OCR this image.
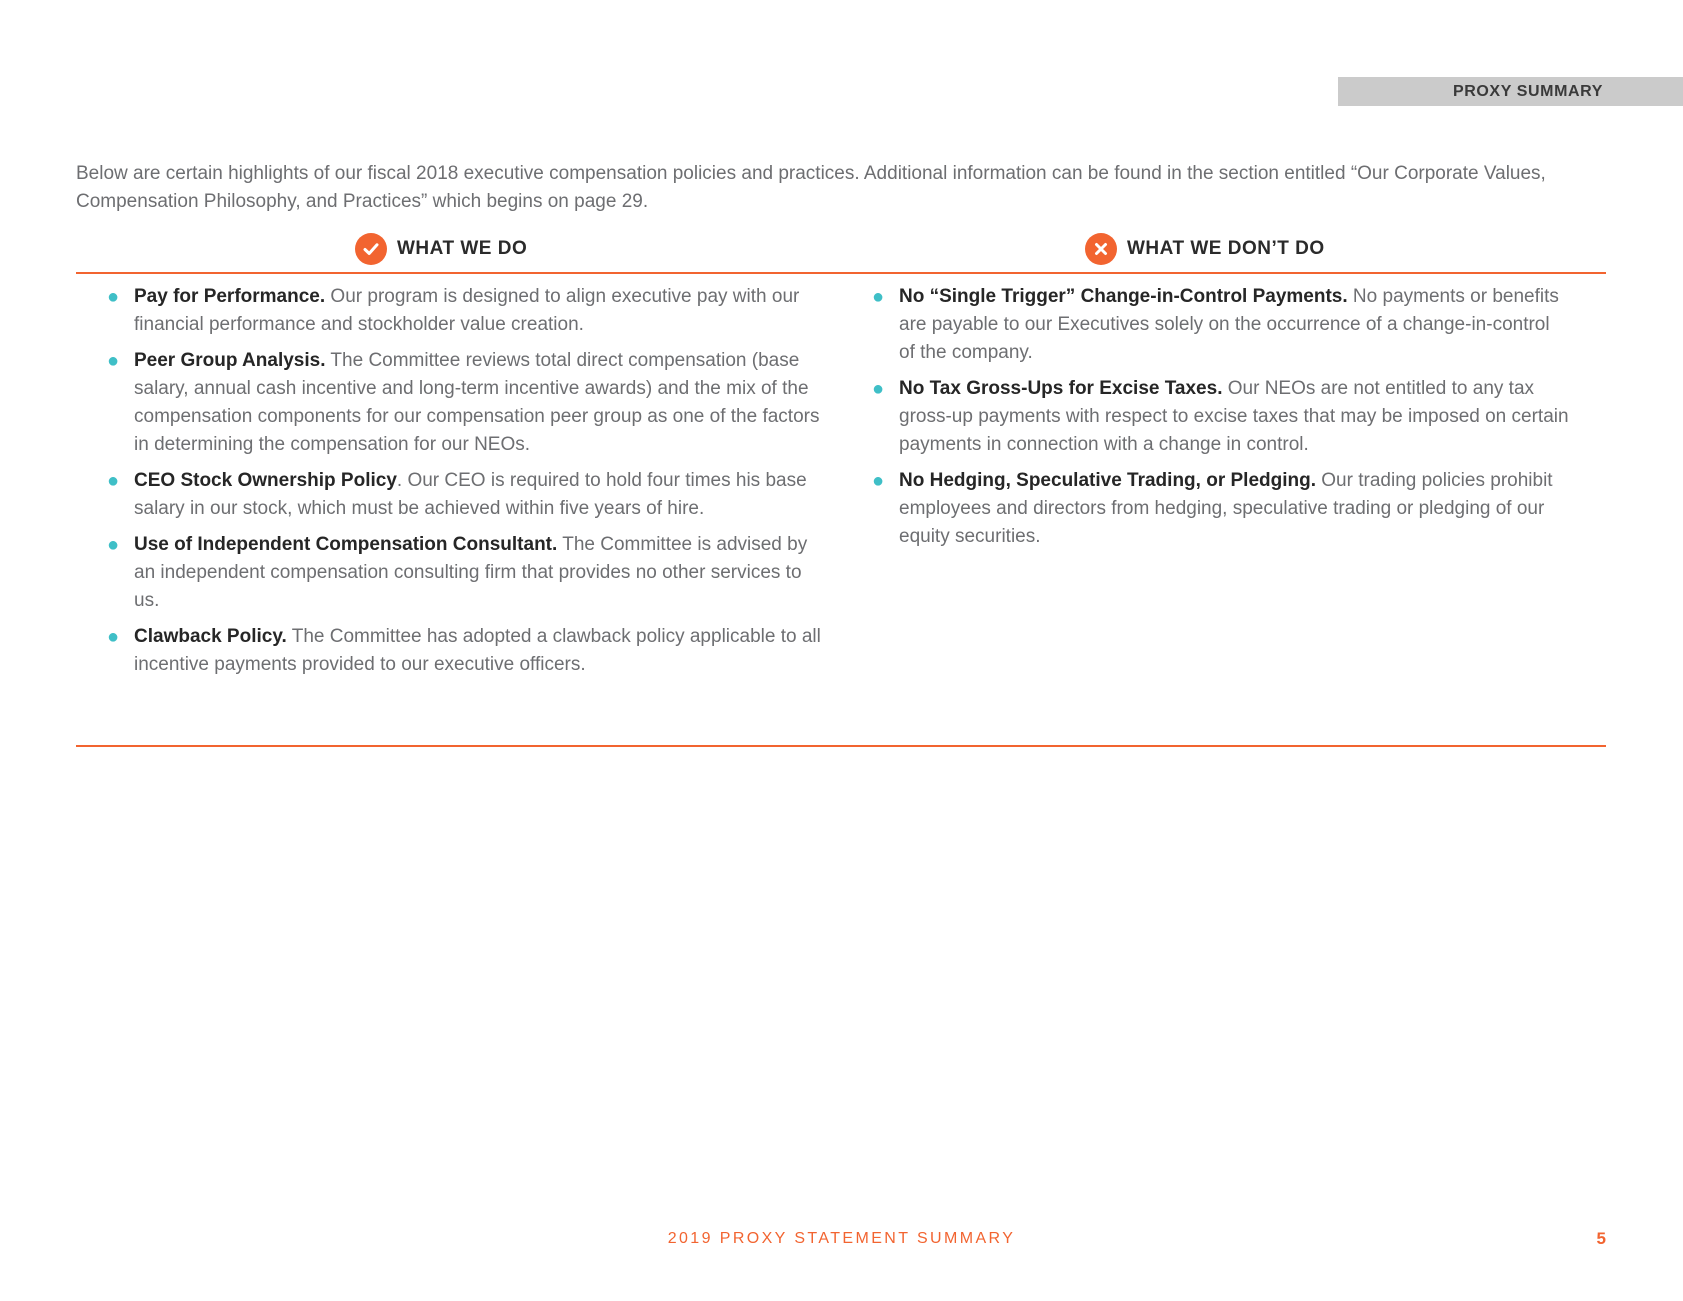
PROXY SUMMARY

Below are certain highlights of our fiscal 2018 executive compensation policies and practices. Additional information can be found in the section entitled “Our Corporate Values, Compensation Philosophy, and Practices” which begins on page 29.

WHAT WE DO	WHAT WE DON’T DO
● Pay for Performance. Our program is designed to align executive pay with our financial performance and stockholder value creation.
● Peer Group Analysis. The Committee reviews total direct compensation (base salary, annual cash incentive and long-term incentive awards) and the mix of the compensation components for our compensation peer group as one of the factors in determining the compensation for our NEOs.
● CEO Stock Ownership Policy. Our CEO is required to hold four times his base salary in our stock, which must be achieved within five years of hire.
● Use of Independent Compensation Consultant. The Committee is advised by an independent compensation consulting firm that provides no other services to us.
● Clawback Policy. The Committee has adopted a clawback policy applicable to all incentive payments provided to our executive officers.
● No “Single Trigger” Change-in-Control Payments. No payments or benefits are payable to our Executives solely on the occurrence of a change-in-control of the company.
● No Tax Gross-Ups for Excise Taxes. Our NEOs are not entitled to any tax gross-up payments with respect to excise taxes that may be imposed on certain payments in connection with a change in control.
● No Hedging, Speculative Trading, or Pledging. Our trading policies prohibit employees and directors from hedging, speculative trading or pledging of our equity securities.
2019 PROXY STATEMENT SUMMARY	5
